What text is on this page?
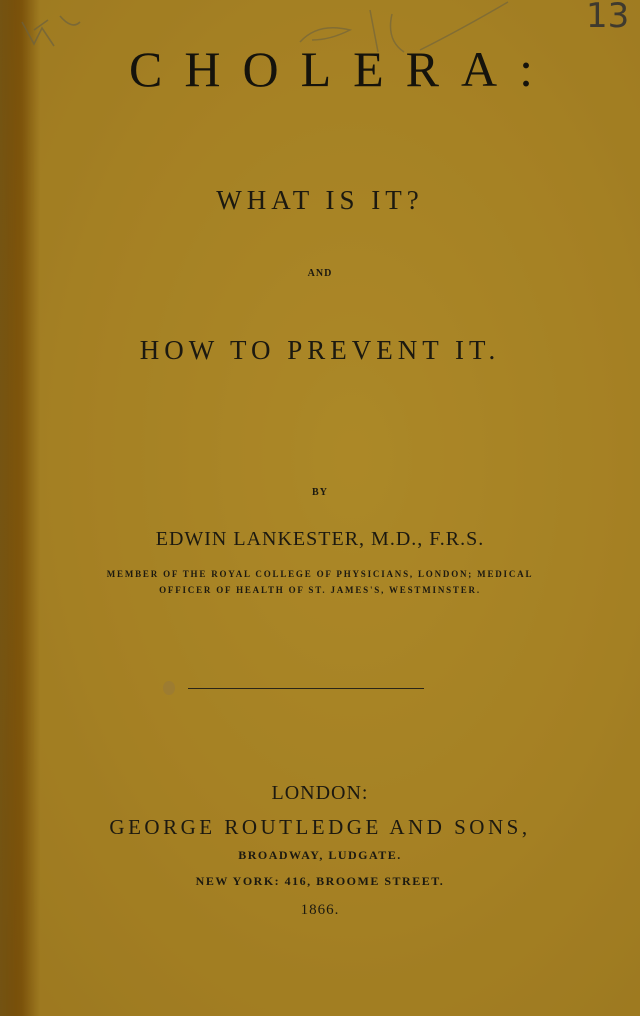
13
CHOLERA:
WHAT IS IT?
AND
HOW TO PREVENT IT.
BY
EDWIN LANKESTER, M.D., F.R.S.
MEMBER OF THE ROYAL COLLEGE OF PHYSICIANS, LONDON; MEDICAL
OFFICER OF HEALTH OF ST. JAMES'S, WESTMINSTER.
LONDON:
GEORGE ROUTLEDGE AND SONS,
BROADWAY, LUDGATE.
NEW YORK: 416, BROOME STREET.
1866.
